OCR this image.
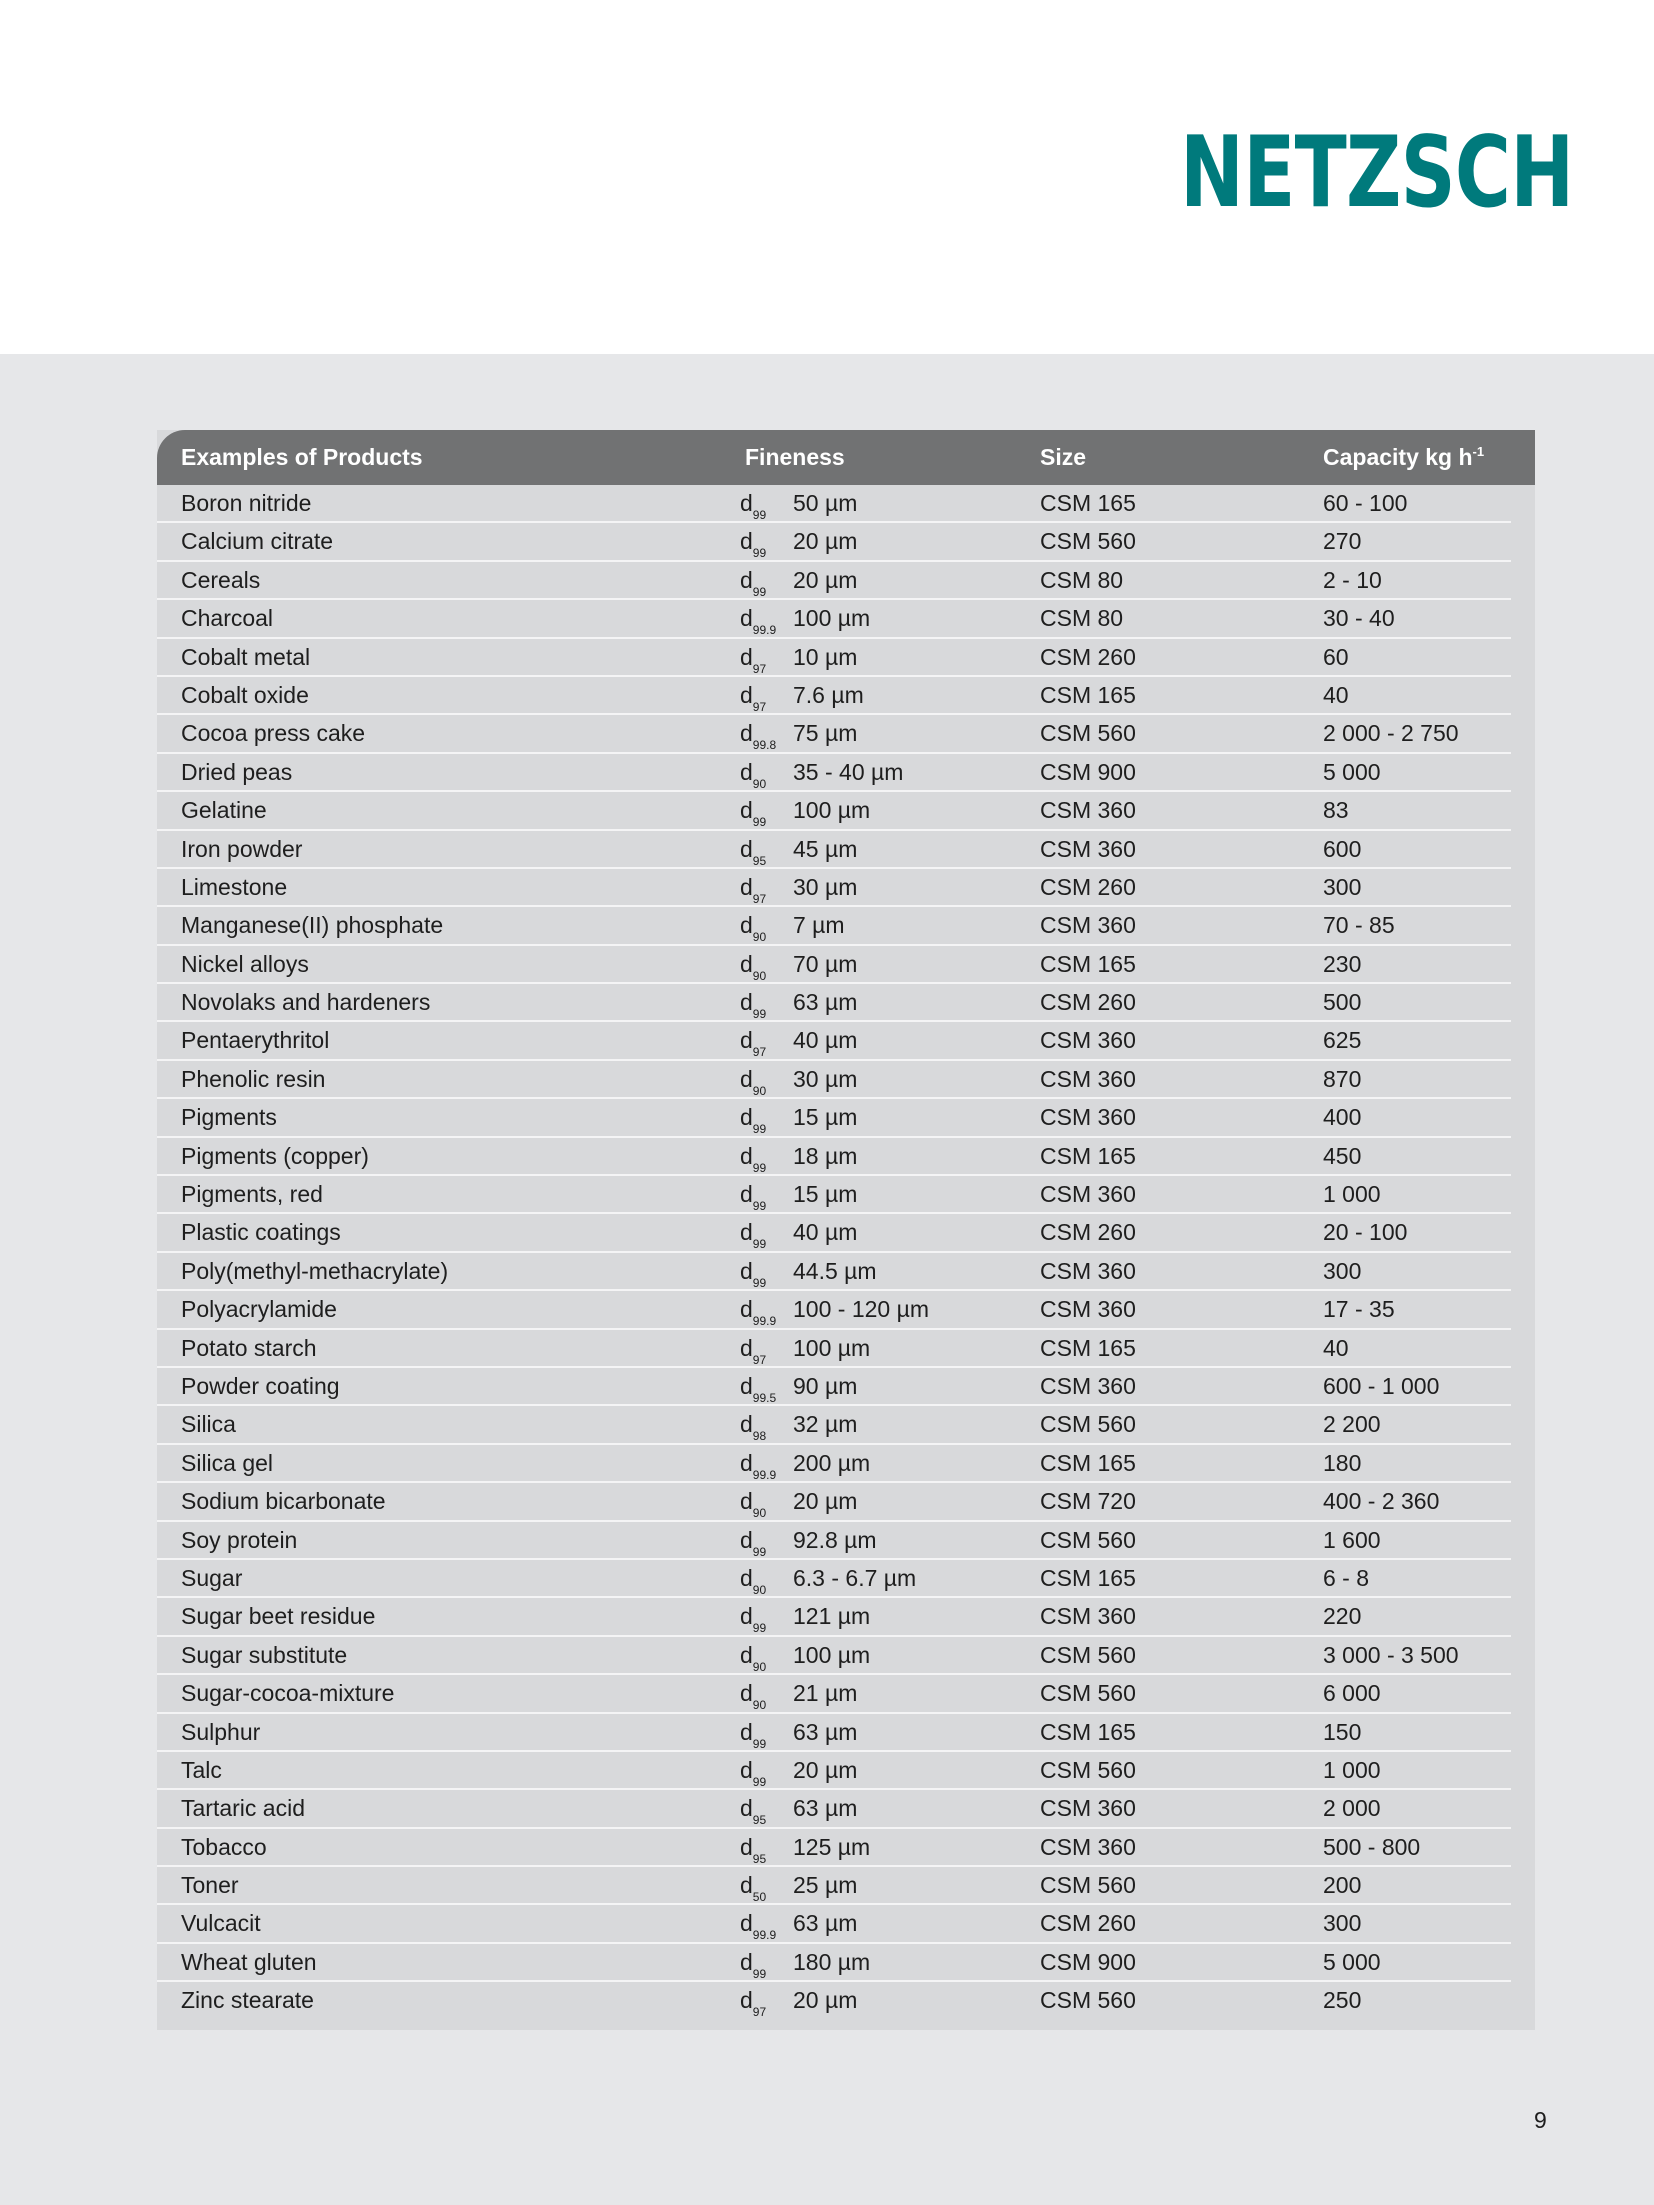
NETZSCH
Examples of Products	Fineness	Size	Capacity kg $h^{-1}$
Boron nitride	$d_{99}$ 50 µm	CSM 165	60 - 100
Calcium citrate	$d_{99}$ 20 µm	CSM 560	270
Cereals	$d_{99}$ 20 µm	CSM 80	2 - 10
Charcoal	$d_{99.9}$ 100 µm	CSM 80	30 - 40
Cobalt metal	$d_{97}$ 10 µm	CSM 260	60
Cobalt oxide	$d_{97}$ 7.6 µm	CSM 165	40
Cocoa press cake	$d_{99.8}$ 75 µm	CSM 560	2 000 - 2 750
Dried peas	$d_{90}$ 35 - 40 µm	CSM 900	5 000
Gelatine	$d_{99}$ 100 µm	CSM 360	83
Iron powder	$d_{95}$ 45 µm	CSM 360	600
Limestone	$d_{97}$ 30 µm	CSM 260	300
Manganese(II) phosphate	$d_{90}$ 7 µm	CSM 360	70 - 85
Nickel alloys	$d_{90}$ 70 µm	CSM 165	230
Novolaks and hardeners	$d_{99}$ 63 µm	CSM 260	500
Pentaerythritol	$d_{97}$ 40 µm	CSM 360	625
Phenolic resin	$d_{90}$ 30 µm	CSM 360	870
Pigments	$d_{99}$ 15 µm	CSM 360	400
Pigments (copper)	$d_{99}$ 18 µm	CSM 165	450
Pigments, red	$d_{99}$ 15 µm	CSM 360	1 000
Plastic coatings	$d_{99}$ 40 µm	CSM 260	20 - 100
Poly(methyl-methacrylate)	$d_{99}$ 44.5 µm	CSM 360	300
Polyacrylamide	$d_{99.9}$ 100 - 120 µm	CSM 360	17 - 35
Potato starch	$d_{97}$ 100 µm	CSM 165	40
Powder coating	$d_{99.5}$ 90 µm	CSM 360	600 - 1 000
Silica	$d_{98}$ 32 µm	CSM 560	2 200
Silica gel	$d_{99.9}$ 200 µm	CSM 165	180
Sodium bicarbonate	$d_{90}$ 20 µm	CSM 720	400 - 2 360
Soy protein	$d_{99}$ 92.8 µm	CSM 560	1 600
Sugar	$d_{90}$ 6.3 - 6.7 µm	CSM 165	6 - 8
Sugar beet residue	$d_{99}$ 121 µm	CSM 360	220
Sugar substitute	$d_{90}$ 100 µm	CSM 560	3 000 - 3 500
Sugar-cocoa-mixture	$d_{90}$ 21 µm	CSM 560	6 000
Sulphur	$d_{99}$ 63 µm	CSM 165	150
Talc	$d_{99}$ 20 µm	CSM 560	1 000
Tartaric acid	$d_{95}$ 63 µm	CSM 360	2 000
Tobacco	$d_{95}$ 125 µm	CSM 360	500 - 800
Toner	$d_{50}$ 25 µm	CSM 560	200
Vulcacit	$d_{99.9}$ 63 µm	CSM 260	300
Wheat gluten	$d_{99}$ 180 µm	CSM 900	5 000
Zinc stearate	$d_{97}$ 20 µm	CSM 560	250
9
